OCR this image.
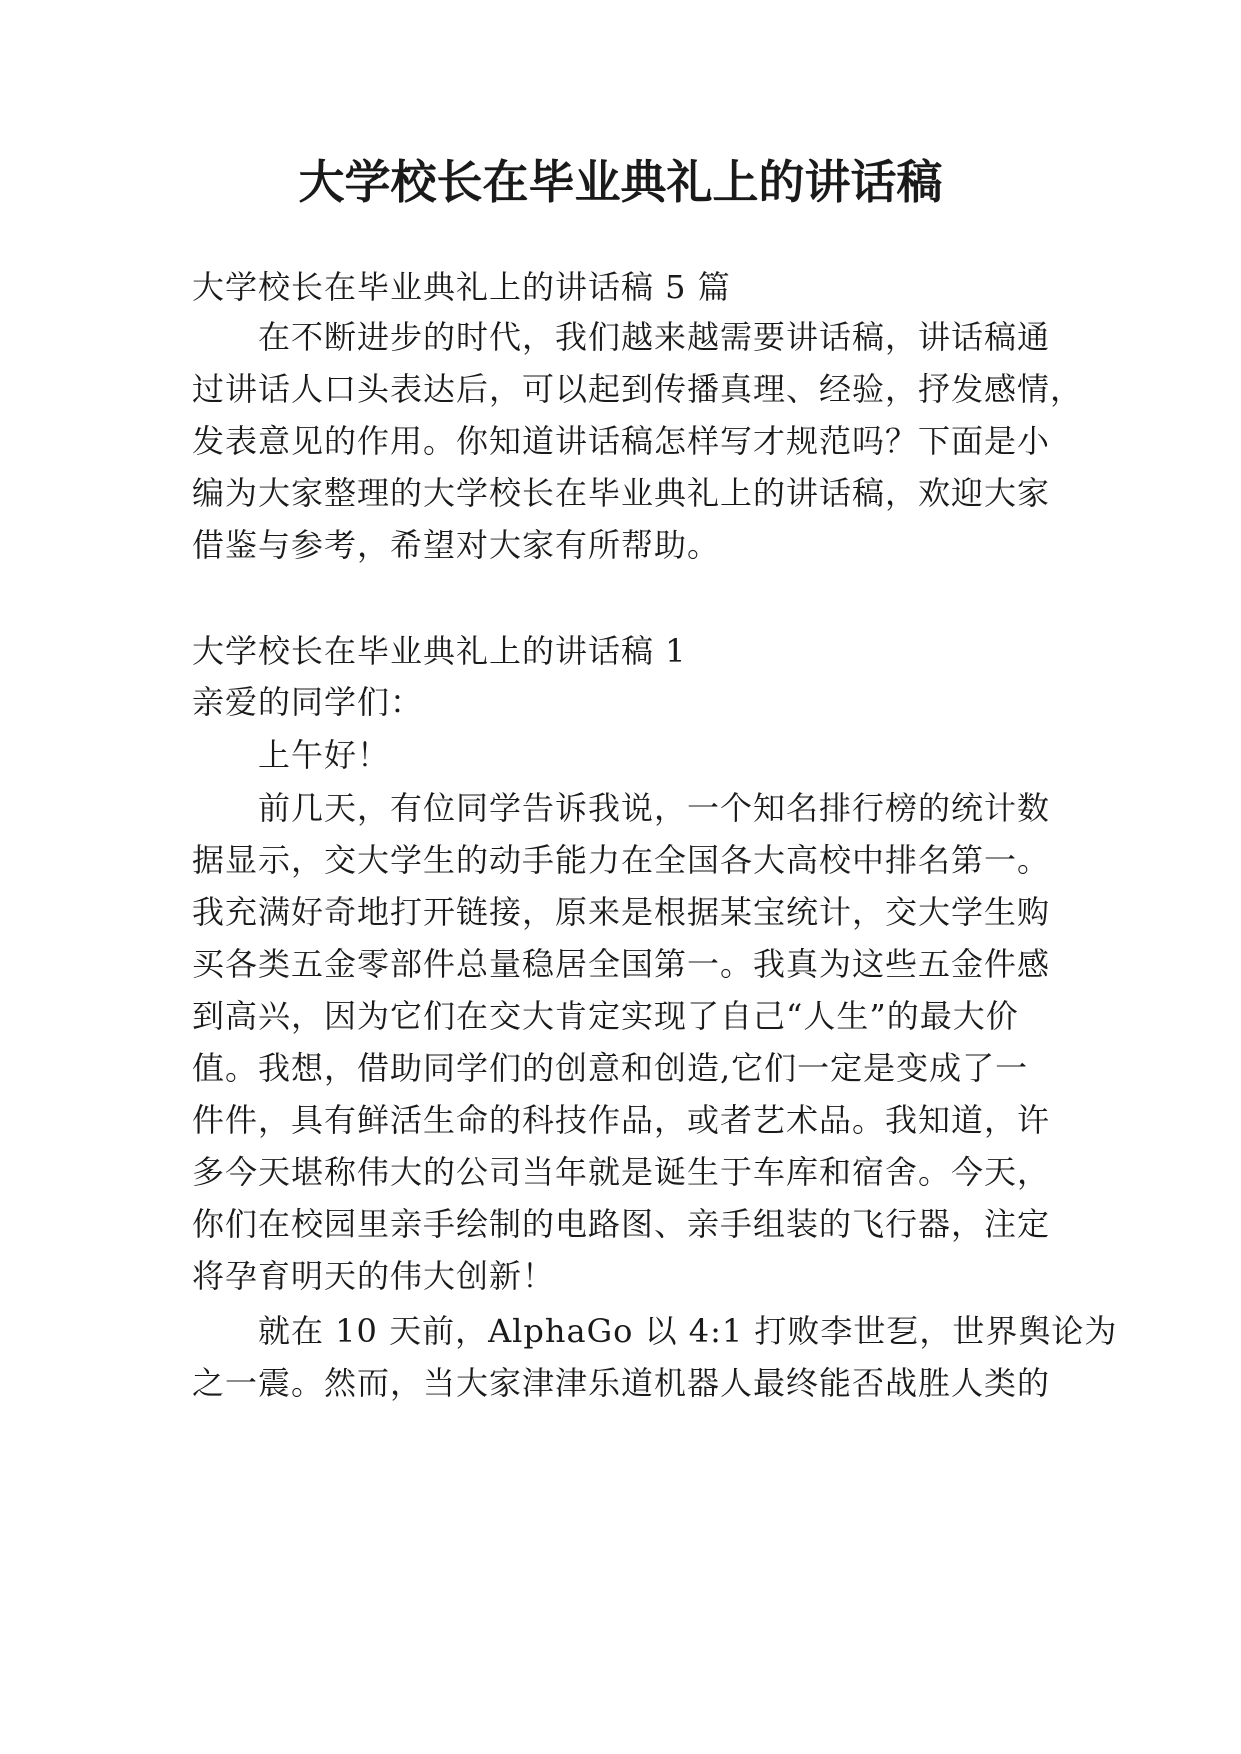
大学校长在毕业典礼上的讲话稿
大学校长在毕业典礼上的讲话稿 5 篇
在不断进步的时代，我们越来越需要讲话稿，讲话稿通
过讲话人口头表达后，可以起到传播真理、经验，抒发感情，
发表意见的作用。你知道讲话稿怎样写才规范吗？下面是小
编为大家整理的大学校长在毕业典礼上的讲话稿，欢迎大家
借鉴与参考，希望对大家有所帮助。
大学校长在毕业典礼上的讲话稿 1
亲爱的同学们：
上午好！
前几天，有位同学告诉我说，一个知名排行榜的统计数
据显示，交大学生的动手能力在全国各大高校中排名第一。
我充满好奇地打开链接，原来是根据某宝统计，交大学生购
买各类五金零部件总量稳居全国第一。我真为这些五金件感
到高兴，因为它们在交大肯定实现了自己“人生”的最大价
值。我想，借助同学们的创意和创造,它们一定是变成了一
件件，具有鲜活生命的科技作品，或者艺术品。我知道，许
多今天堪称伟大的公司当年就是诞生于车库和宿舍。今天，
你们在校园里亲手绘制的电路图、亲手组装的飞行器，注定
将孕育明天的伟大创新！
就在 10 天前，AlphaGo 以 4:1 打败李世乭，世界舆论为
之一震。然而，当大家津津乐道机器人最终能否战胜人类的
